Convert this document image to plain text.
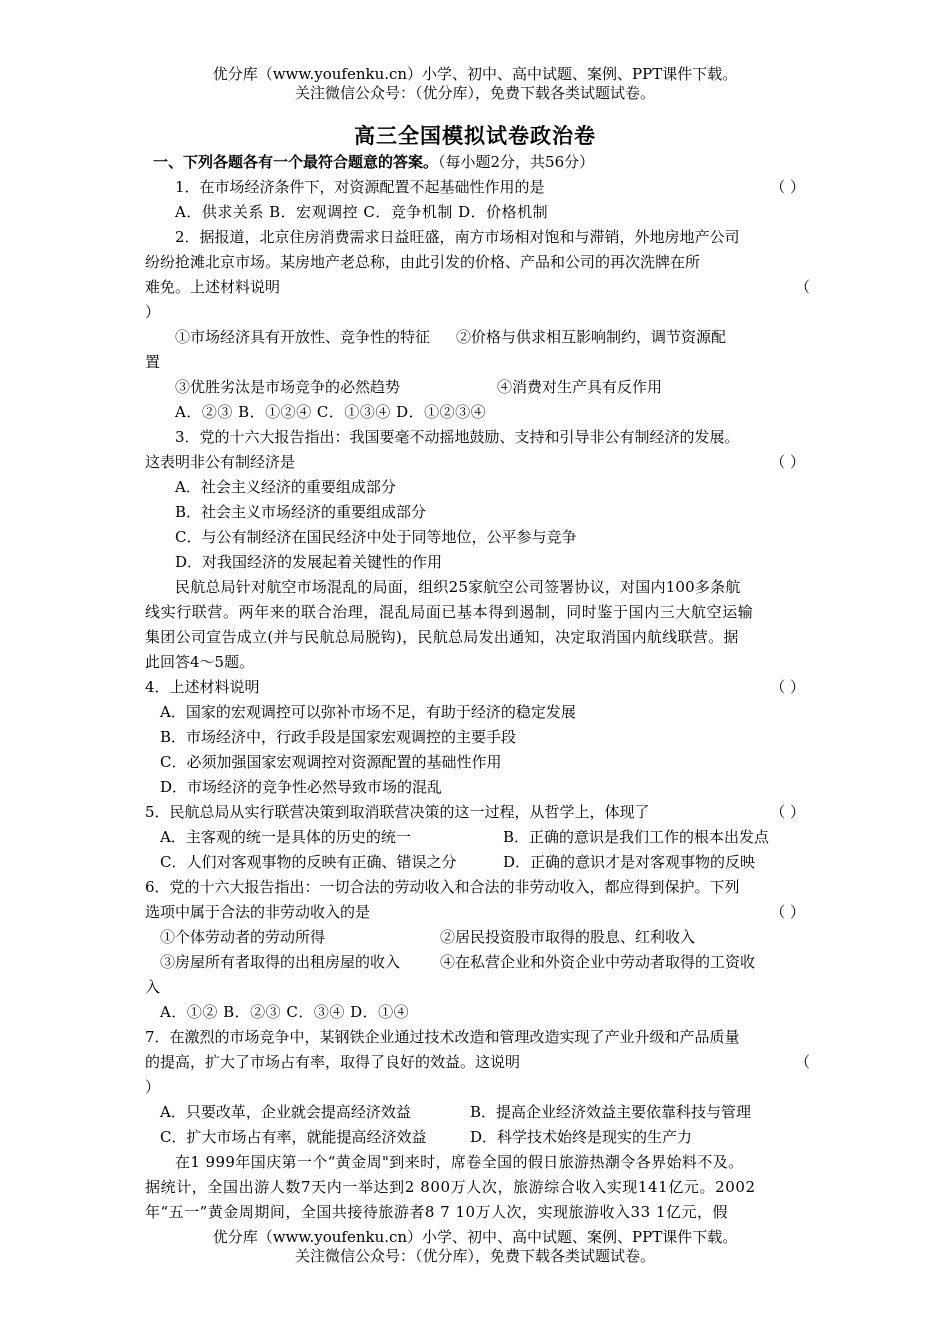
优分库（www.youfenku.cn）小学、初中、高中试题、案例、PPT课件下载。
关注微信公众号：（优分库），免费下载各类试题试卷。
高三全国模拟试卷政治卷

一、下列各题各有一个最符合题意的答案。（每小题2分，共56分）

1．在市场经济条件下，对资源配置不起基础性作用的是	（ ）

A．供求关系 B．宏观调控 C．竞争机制 D．价格机制

2．据报道，北京住房消费需求日益旺盛，南方市场相对饱和与滞销，外地房地产公司

纷纷抢滩北京市场。某房地产老总称，由此引发的价格、产品和公司的再次洗牌在所

难免。上述材料说明	（

）

①市场经济具有开放性、竞争性的特征 ②价格与供求相互影响制约，调节资源配

置

③优胜劣汰是市场竞争的必然趋势	④消费对生产具有反作用

A．②③ B．①②④ C．①③④ D．①②③④

3．党的十六大报告指出：我国要毫不动摇地鼓励、支持和引导非公有制经济的发展。

这表明非公有制经济是	（ ）

A．社会主义经济的重要组成部分

B．社会主义市场经济的重要组成部分

C．与公有制经济在国民经济中处于同等地位，公平参与竞争

D．对我国经济的发展起着关键性的作用

民航总局针对航空市场混乱的局面，组织25家航空公司签署协议，对国内100多条航

线实行联营。两年来的联合治理，混乱局面已基本得到遏制，同时鉴于国内三大航空运输

集团公司宣告成立(并与民航总局脱钩)，民航总局发出通知，决定取消国内航线联营。据

此回答4～5题。

4．上述材料说明	（ ）

A．国家的宏观调控可以弥补市场不足，有助于经济的稳定发展

B．市场经济中，行政手段是国家宏观调控的主要手段

C．必须加强国家宏观调控对资源配置的基础性作用

D．市场经济的竞争性必然导致市场的混乱

5．民航总局从实行联营决策到取消联营决策的这一过程，从哲学上，体现了	（ ）

A．主客观的统一是具体的历史的统一	B．正确的意识是我们工作的根本出发点

C．人们对客观事物的反映有正确、错误之分	D．正确的意识才是对客观事物的反映

6．党的十六大报告指出：一切合法的劳动收入和合法的非劳动收入，都应得到保护。下列

选项中属于合法的非劳动收入的是	（ ）

①个体劳动者的劳动所得	②居民投资股市取得的股息、红利收入

③房屋所有者取得的出租房屋的收入	④在私营企业和外资企业中劳动者取得的工资收

入

A．①② B．②③ C．③④ D．①④

7．在激烈的市场竞争中，某钢铁企业通过技术改造和管理改造实现了产业升级和产品质量

的提高，扩大了市场占有率，取得了良好的效益。这说明	（

）

A．只要改革，企业就会提高经济效益	B．提高企业经济效益主要依靠科技与管理

C．扩大市场占有率，就能提高经济效益	D．科学技术始终是现实的生产力

在1 999年国庆第一个“黄金周"到来时，席卷全国的假日旅游热潮令各界始料不及。

据统计，全国出游人数7天内一举达到2 800万人次，旅游综合收入实现141亿元。2002

年“五一”黄金周期间，全国共接待旅游者8 7 10万人次，实现旅游收入33 1亿元，假

优分库（www.youfenku.cn）小学、初中、高中试题、案例、PPT课件下载。
关注微信公众号：（优分库），免费下载各类试题试卷。
